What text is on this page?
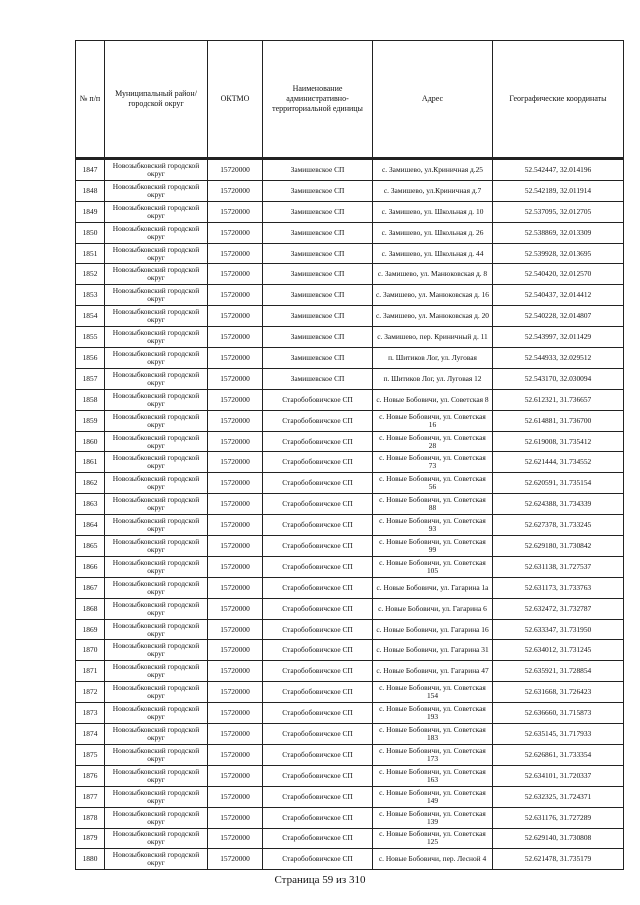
№ п/п	Муниципальный район/городской округ	ОКТМО	Наименование административно-территориальной единицы	Адрес	Географические координаты

1847	Новозыбковский городской округ	15720000	Замишевское СП	с. Замишево, ул.Криничная д.25	52.542447, 32.014196
1848	Новозыбковский городской округ	15720000	Замишевское СП	с. Замишево, ул.Криничная д.7	52.542189, 32.011914
1849	Новозыбковский городской округ	15720000	Замишевское СП	с. Замишево, ул. Школьная д. 10	52.537095, 32.012705
1850	Новозыбковский городской округ	15720000	Замишевское СП	с. Замишево, ул. Школьная д. 26	52.538869, 32.013309
1851	Новозыбковский городской округ	15720000	Замишевское СП	с. Замишево, ул. Школьная д. 44	52.539928, 32.013695
1852	Новозыбковский городской округ	15720000	Замишевское СП	с. Замишево, ул. Манюковская д. 8	52.540420, 32.012570
1853	Новозыбковский городской округ	15720000	Замишевское СП	с. Замишево, ул. Манюковская д. 16	52.540437, 32.014412
1854	Новозыбковский городской округ	15720000	Замишевское СП	с. Замишево, ул. Манюковская д. 20	52.540228, 32.014807
1855	Новозыбковский городской округ	15720000	Замишевское СП	с. Замишево, пер. Криничный д. 11	52.543997, 32.011429
1856	Новозыбковский городской округ	15720000	Замишевское СП	п. Шитиков Лог, ул. Луговая	52.544933, 32.029512
1857	Новозыбковский городской округ	15720000	Замишевское СП	п. Шитиков Лог, ул. Луговая 12	52.543170, 32.030094
1858	Новозыбковский городской округ	15720000	Старобобовичское СП	с. Новые Бобовичи, ул. Советская 8	52.612321, 31.736657
1859	Новозыбковский городской округ	15720000	Старобобовичское СП	с. Новые Бобовичи, ул. Советская 16	52.614881, 31.736700
1860	Новозыбковский городской округ	15720000	Старобобовичское СП	с. Новые Бобовичи, ул. Советская 28	52.619008, 31.735412
1861	Новозыбковский городской округ	15720000	Старобобовичское СП	с. Новые Бобовичи, ул. Советская 73	52.621444, 31.734552
1862	Новозыбковский городской округ	15720000	Старобобовичское СП	с. Новые Бобовичи, ул. Советская 56	52.620591, 31.735154
1863	Новозыбковский городской округ	15720000	Старобобовичское СП	с. Новые Бобовичи, ул. Советская 88	52.624388, 31.734339
1864	Новозыбковский городской округ	15720000	Старобобовичское СП	с. Новые Бобовичи, ул. Советская 93	52.627378, 31.733245
1865	Новозыбковский городской округ	15720000	Старобобовичское СП	с. Новые Бобовичи, ул. Советская 99	52.629180, 31.730842
1866	Новозыбковский городской округ	15720000	Старобобовичское СП	с. Новые Бобовичи, ул. Советская 105	52.631138, 31.727537
1867	Новозыбковский городской округ	15720000	Старобобовичское СП	с. Новые Бобовичи, ул. Гагарина 1а	52.631173, 31.733763
1868	Новозыбковский городской округ	15720000	Старобобовичское СП	с. Новые Бобовичи, ул. Гагарина 6	52.632472, 31.732787
1869	Новозыбковский городской округ	15720000	Старобобовичское СП	с. Новые Бобовичи, ул. Гагарина 16	52.633347, 31.731950
1870	Новозыбковский городской округ	15720000	Старобобовичское СП	с. Новые Бобовичи, ул. Гагарина 31	52.634012, 31.731245
1871	Новозыбковский городской округ	15720000	Старобобовичское СП	с. Новые Бобовичи, ул. Гагарина 47	52.635921, 31.728854
1872	Новозыбковский городской округ	15720000	Старобобовичское СП	с. Новые Бобовичи, ул. Советская 154	52.631668, 31.726423
1873	Новозыбковский городской округ	15720000	Старобобовичское СП	с. Новые Бобовичи, ул. Советская 193	52.636660, 31.715873
1874	Новозыбковский городской округ	15720000	Старобобовичское СП	с. Новые Бобовичи, ул. Советская 183	52.635145, 31.717933
1875	Новозыбковский городской округ	15720000	Старобобовичское СП	с. Новые Бобовичи, ул. Советская 173	52.626861, 31.733354
1876	Новозыбковский городской округ	15720000	Старобобовичское СП	с. Новые Бобовичи, ул. Советская 163	52.634101, 31.720337
1877	Новозыбковский городской округ	15720000	Старобобовичское СП	с. Новые Бобовичи, ул. Советская 149	52.632325, 31.724371
1878	Новозыбковский городской округ	15720000	Старобобовичское СП	с. Новые Бобовичи, ул. Советская 139	52.631176, 31.727289
1879	Новозыбковский городской округ	15720000	Старобобовичское СП	с. Новые Бобовичи, ул. Советская 125	52.629140, 31.730808
1880	Новозыбковский городской округ	15720000	Старобобовичское СП	с. Новые Бобовичи, пер. Лесной 4	52.621478, 31.735179
Страница 59 из 310
